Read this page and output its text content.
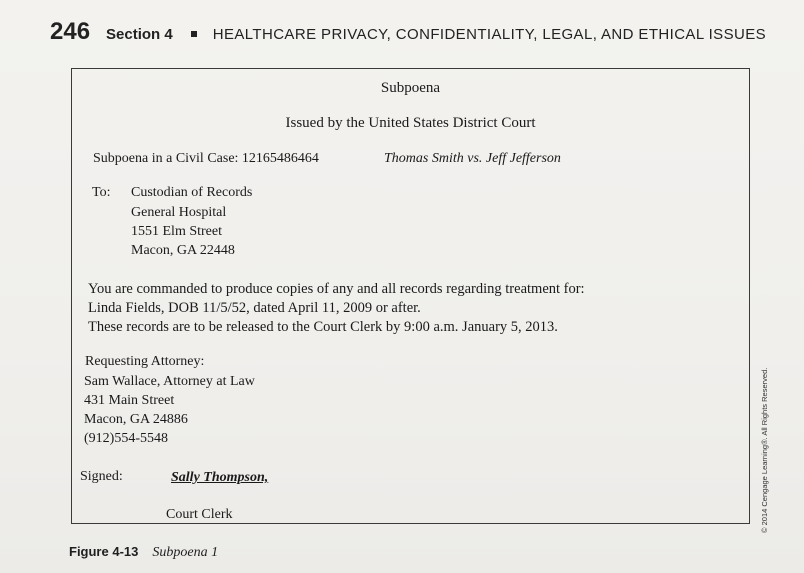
246 Section 4	HEALTHCARE PRIVACY, CONFIDENTIALITY, LEGAL, AND ETHICAL ISSUES
Subpoena
Issued by the United States District Court
Subpoena in a Civil Case: 12165486464	Thomas Smith vs. Jeff Jefferson
To: Custodian of Records
General Hospital
1551 Elm Street
Macon, GA 22448
You are commanded to produce copies of any and all records regarding treatment for:
Linda Fields, DOB 11/5/52, dated April 11, 2009 or after.
These records are to be released to the Court Clerk by 9:00 a.m. January 5, 2013.
Requesting Attorney:
Sam Wallace, Attorney at Law
431 Main Street
Macon, GA 24886
(912)554-5548
Signed:	Sally Thompson,
Court Clerk	© 2014 Cengage Learning®. All Rights Reserved.
Figure 4-13 Subpoena 1
